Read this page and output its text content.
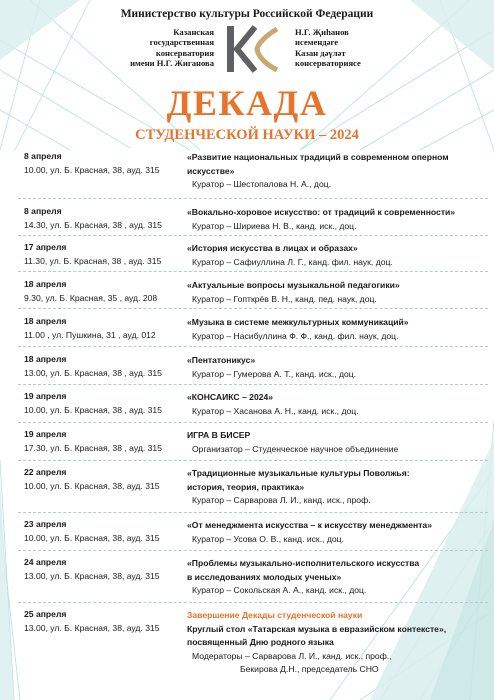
Министерство культуры Российской Федерации
Казанская
государственная
консерватория
имени Н.Г. Жиганова
Н.Г. Җиһанов
исемендәге
Казан дәүләт
консерваториясе
ДЕКАДА
СТУДЕНЧЕСКОЙ НАУКИ – 2024
8 апреля
10.00, ул. Б. Красная, 38, ауд. 315
«Развитие национальных традиций в современном оперном
искусстве»
Куратор – Шестопалова Н. А., доц.
8 апреля
14.30, ул. Б. Красная, 38 , ауд. 315
«Вокально-хоровое искусство: от традиций к современности»
Куратор – Шириева Н. В., канд. иск., доц.
17 апреля
11.30, ул. Б. Красная, 38 , ауд. 315
«История искусства в лицах и образах»
Куратор – Сафиуллина Л. Г., канд. фил. наук, доц.
18 апреля
9.30, ул. Б. Красная, 35 , ауд. 208
«Актуальные вопросы музыкальной педагогики»
Куратор – Гопткрёв В. Н., канд. пед. наук, доц.
18 апреля
11.00 , ул. Пушкина, 31 , ауд. 012
«Музыка в системе межкультурных коммуникаций»
Куратор – Насибуллина Ф. Ф., канд. фил. наук, доц.
18 апреля
13.00, ул. Б. Красная, 38 , ауд. 315
«Пентатоникус»
Куратор – Гумерова А. Т., канд. иск., доц.
19 апреля
10.00, ул. Б. Красная, 38 , ауд. 315
«КОНСАИКС – 2024»
Куратор – Хасанова А. Н., канд. иск., доц.
19 апреля
17.30, ул. Б. Красная, 38 , ауд. 315
ИГРА В БИСЕР
Организатор – Студенческое научное объединение
22 апреля
10.00, ул. Б. Красная, 38, ауд. 315
«Традиционные музыкальные культуры Поволжья:
история, теория, практика»
Куратор – Сарварова Л. И., канд. иск., проф.
23 апреля
10.00, ул. Б. Красная, 38, ауд. 315
«От менеджмента искусства – к искусству менеджмента»
Куратор – Усова О. В., канд. иск., доц.
24 апреля
13.00, ул. Б. Красная, 38, ауд. 315
«Проблемы музыкально-исполнительского искусства
в исследованиях молодых ученых»
Куратор – Сокольская А. А., канд. иск., доц.
25 апреля
13.00, ул. Б. Красная, 38, ауд. 315
Завершение Декады студенческой науки
Круглый стол «Татарская музыка в евразийском контексте»,
посвященный Дню родного языка
Модераторы – Сарварова Л. И., канд. иск., проф.,
Бекирова Д.Н., председатель СНО
